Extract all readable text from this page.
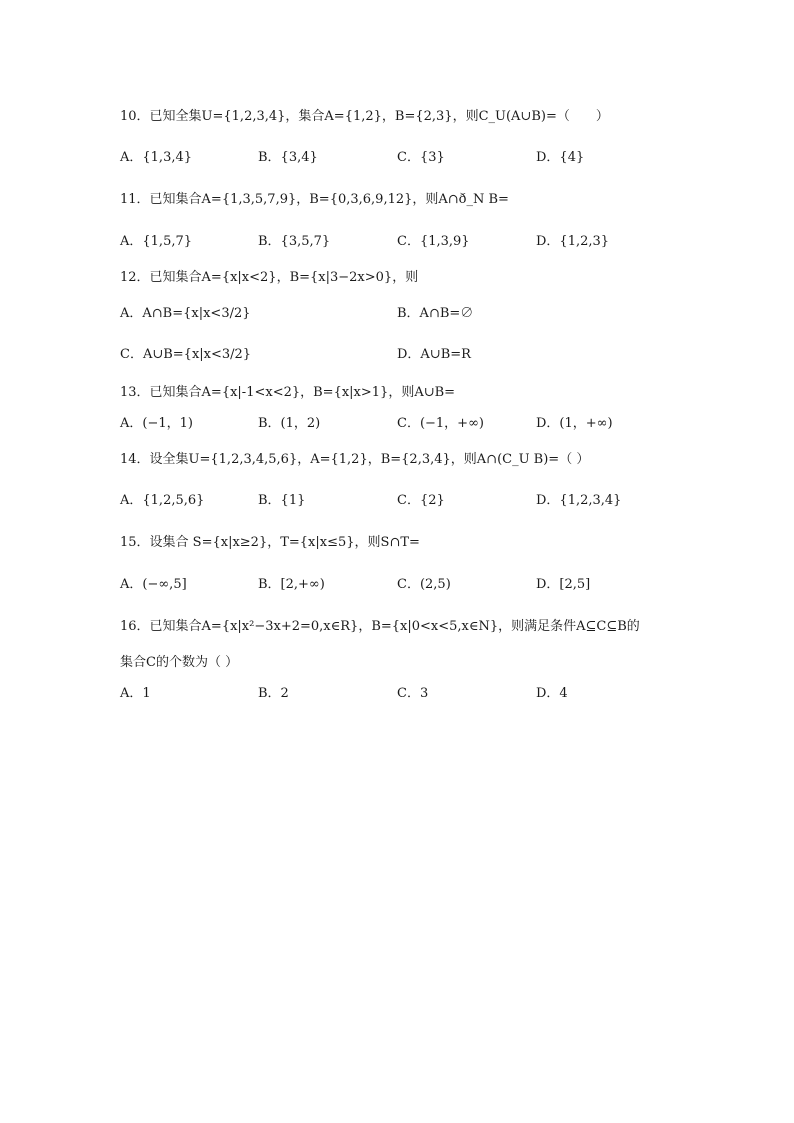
10．已知全集U={1,2,3,4}，集合A={1,2}，B={2,3}，则C_U(A∪B)=（　　）
A．{1,3,4}	B．{3,4}	C．{3}	D．{4}
11．已知集合A={1,3,5,7,9}，B={0,3,6,9,12}，则A∩ð_N B=
A．{1,5,7}	B．{3,5,7}	C．{1,3,9}	D．{1,2,3}
12．已知集合A={x|x<2}，B={x|3−2x>0}，则
A．A∩B={x|x<3/2}	B．A∩B=∅
C．A∪B={x|x<3/2}	D．A∪B=R
13．已知集合A={x|-1<x<2}，B={x|x>1}，则A∪B=
A．(−1，1)	B．(1，2)	C．(−1，+∞)	D．(1，+∞)
14．设全集U={1,2,3,4,5,6}，A={1,2}，B={2,3,4}，则A∩(C_U B)=（ ）
A．{1,2,5,6}	B．{1}	C．{2}	D．{1,2,3,4}
15．设集合 S={x|x≥2}，T={x|x≤5}，则S∩T=
A．(−∞,5]	B．[2,+∞)	C．(2,5)	D．[2,5]
16．已知集合A={x|x²−3x+2=0,x∈R}，B={x|0<x<5,x∈N}，则满足条件A⊆C⊆B的
集合C的个数为（ ）
A．1	B．2	C．3	D．4
